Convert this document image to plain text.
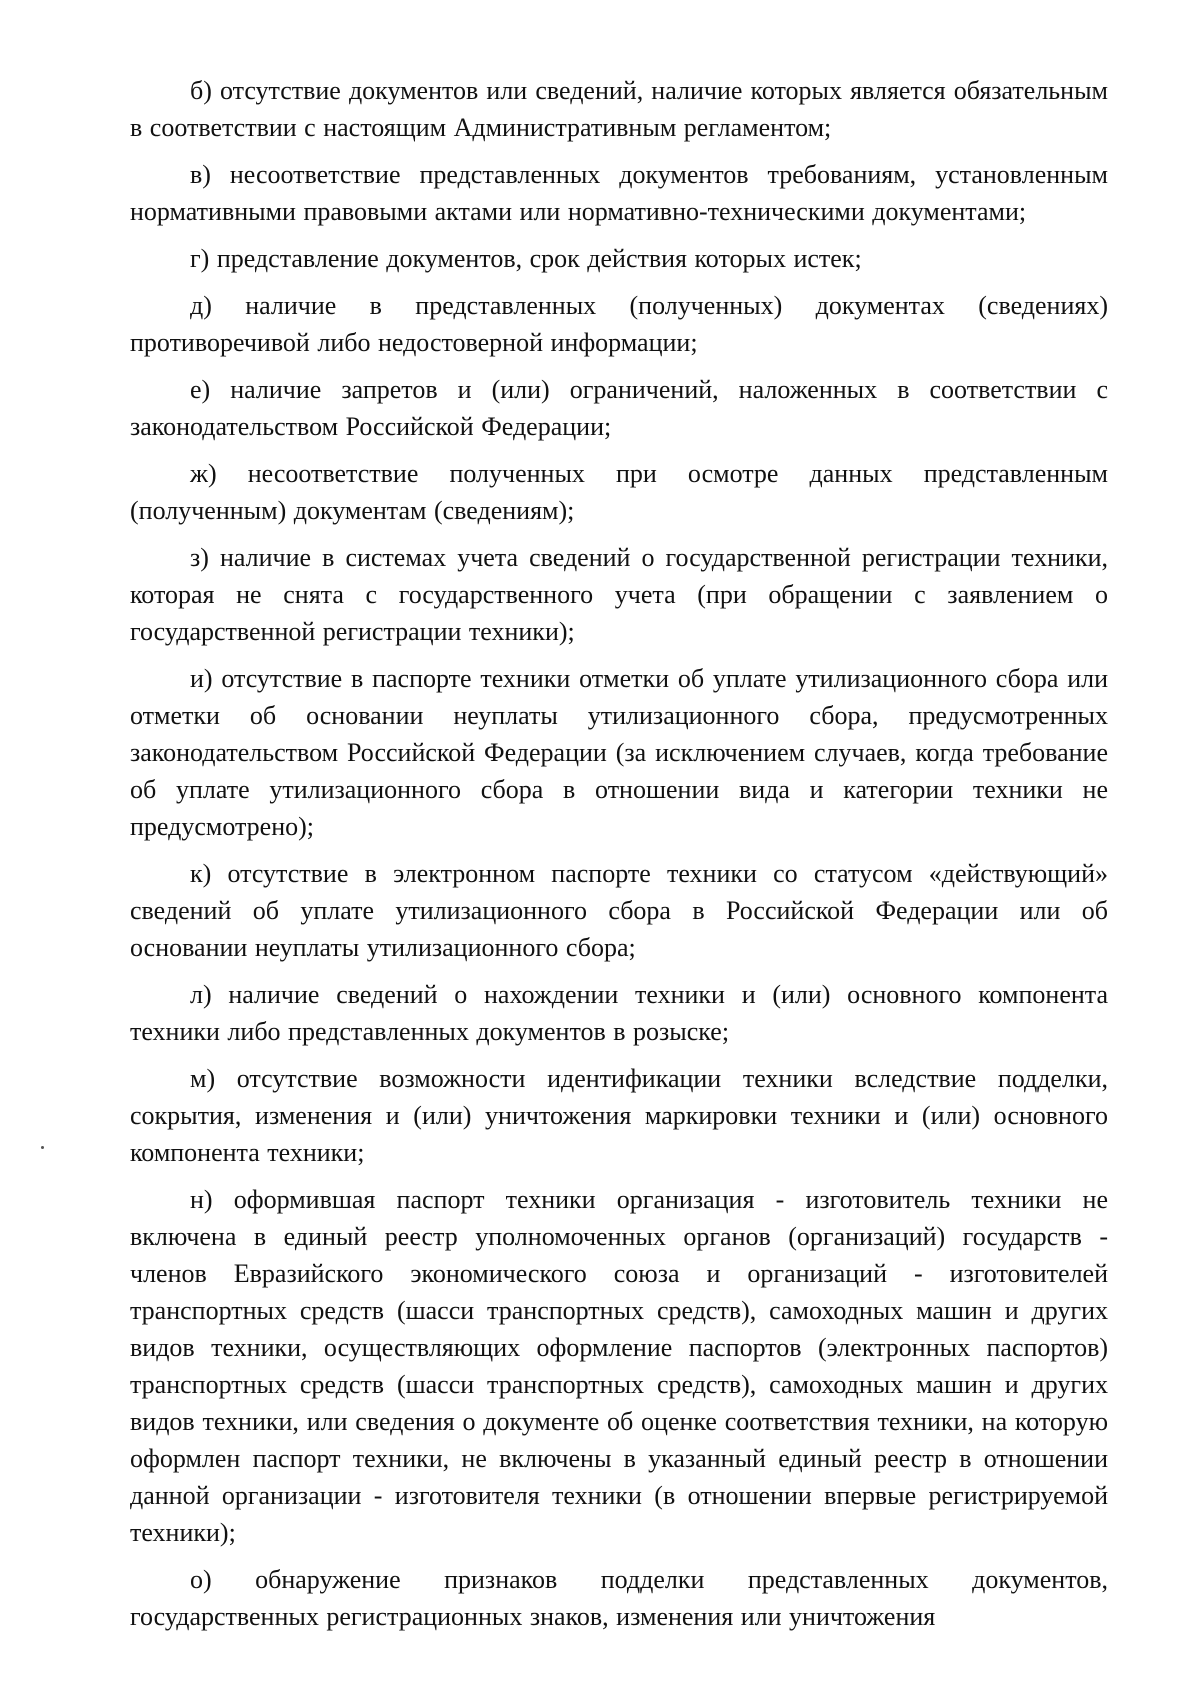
б) отсутствие документов или сведений, наличие которых является обязательным в соответствии с настоящим Административным регламентом;

в) несоответствие представленных документов требованиям, установленным нормативными правовыми актами или нормативно-техническими документами;

г) представление документов, срок действия которых истек;

д) наличие в представленных (полученных) документах (сведениях) противоречивой либо недостоверной информации;

е) наличие запретов и (или) ограничений, наложенных в соответствии с законодательством Российской Федерации;

ж) несоответствие полученных при осмотре данных представленным (полученным) документам (сведениям);

з) наличие в системах учета сведений о государственной регистрации техники, которая не снята с государственного учета (при обращении с заявлением о государственной регистрации техники);

и) отсутствие в паспорте техники отметки об уплате утилизационного сбора или отметки об основании неуплаты утилизационного сбора, предусмотренных законодательством Российской Федерации (за исключением случаев, когда требование об уплате утилизационного сбора в отношении вида и категории техники не предусмотрено);

к) отсутствие в электронном паспорте техники со статусом «действующий» сведений об уплате утилизационного сбора в Российской Федерации или об основании неуплаты утилизационного сбора;

л) наличие сведений о нахождении техники и (или) основного компонента техники либо представленных документов в розыске;

м) отсутствие возможности идентификации техники вследствие подделки, сокрытия, изменения и (или) уничтожения маркировки техники и (или) основного компонента техники;

н) оформившая паспорт техники организация - изготовитель техники не включена в единый реестр уполномоченных органов (организаций) государств - членов Евразийского экономического союза и организаций - изготовителей транспортных средств (шасси транспортных средств), самоходных машин и других видов техники, осуществляющих оформление паспортов (электронных паспортов) транспортных средств (шасси транспортных средств), самоходных машин и других видов техники, или сведения о документе об оценке соответствия техники, на которую оформлен паспорт техники, не включены в указанный единый реестр в отношении данной организации - изготовителя техники (в отношении впервые регистрируемой техники);

о) обнаружение признаков подделки представленных документов, государственных регистрационных знаков, изменения или уничтожения
